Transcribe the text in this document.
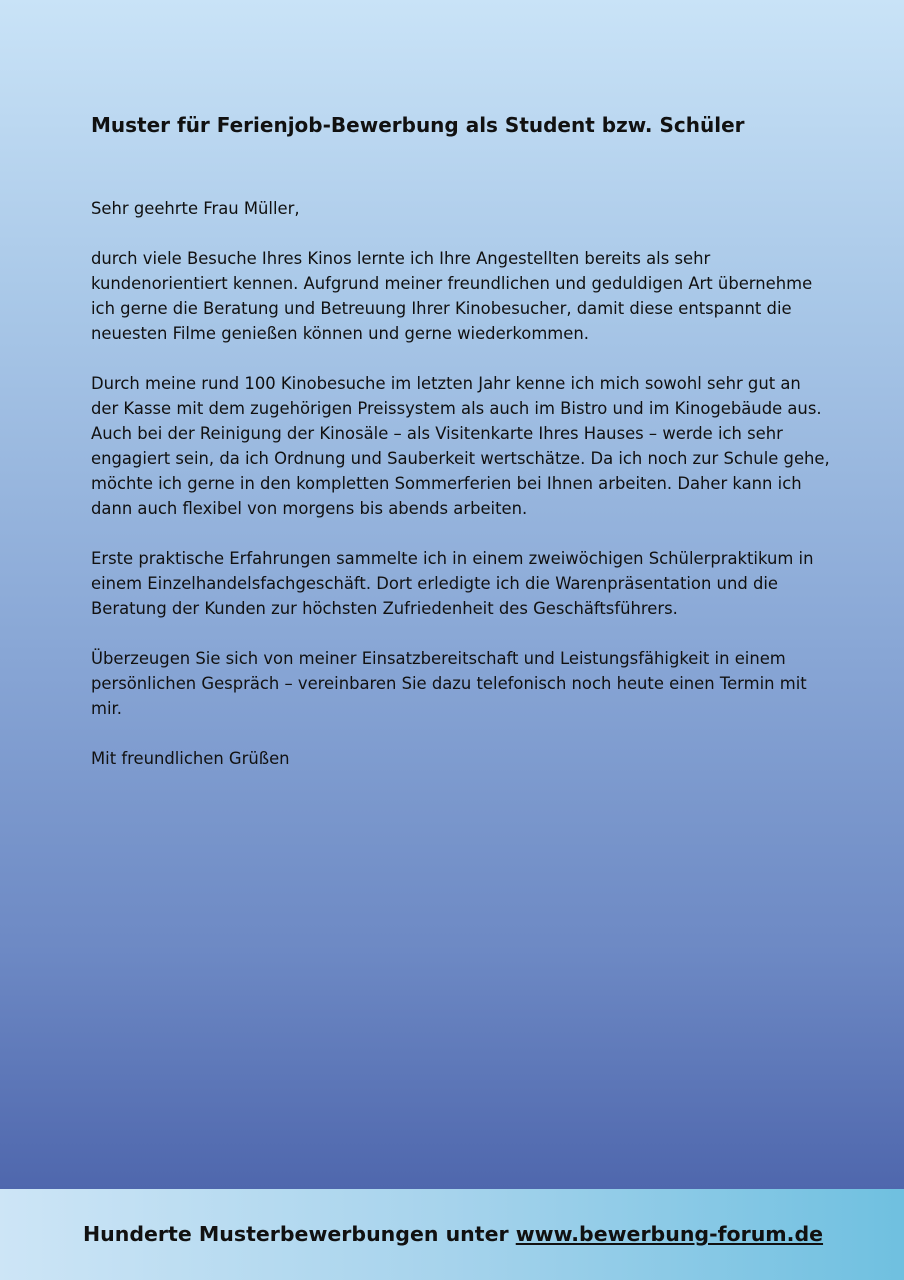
Muster für Ferienjob-Bewerbung als Student bzw. Schüler

Sehr geehrte Frau Müller,

durch viele Besuche Ihres Kinos lernte ich Ihre Angestellten bereits als sehr kundenorientiert kennen. Aufgrund meiner freundlichen und geduldigen Art übernehme ich gerne die Beratung und Betreuung Ihrer Kinobesucher, damit diese entspannt die neuesten Filme genießen können und gerne wiederkommen.

Durch meine rund 100 Kinobesuche im letzten Jahr kenne ich mich sowohl sehr gut an der Kasse mit dem zugehörigen Preissystem als auch im Bistro und im Kinogebäude aus. Auch bei der Reinigung der Kinosäle – als Visitenkarte Ihres Hauses – werde ich sehr engagiert sein, da ich Ordnung und Sauberkeit wertschätze. Da ich noch zur Schule gehe, möchte ich gerne in den kompletten Sommerferien bei Ihnen arbeiten. Daher kann ich dann auch flexibel von morgens bis abends arbeiten.

Erste praktische Erfahrungen sammelte ich in einem zweiwöchigen Schülerpraktikum in einem Einzelhandelsfachgeschäft. Dort erledigte ich die Warenpräsentation und die Beratung der Kunden zur höchsten Zufriedenheit des Geschäftsführers.

Überzeugen Sie sich von meiner Einsatzbereitschaft und Leistungsfähigkeit in einem persönlichen Gespräch – vereinbaren Sie dazu telefonisch noch heute einen Termin mit mir.

Mit freundlichen Grüßen

Hunderte Musterbewerbungen unter www.bewerbung-forum.de
